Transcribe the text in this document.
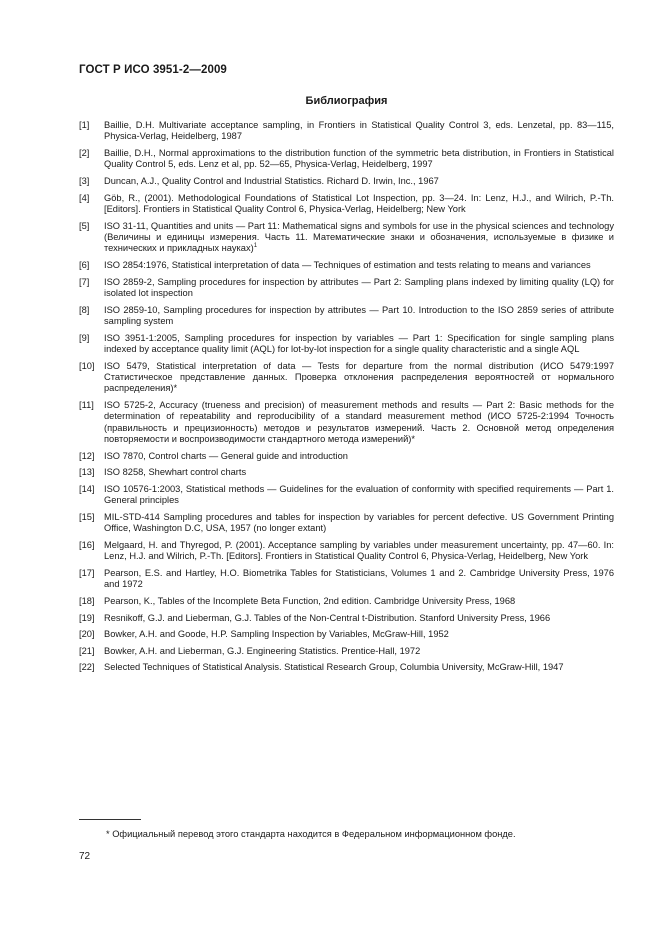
ГОСТ Р ИСО 3951-2—2009
Библиография
[1]	Baillie, D.H. Multivariate acceptance sampling, in Frontiers in Statistical Quality Control 3, eds. Lenzetal, pp. 83—115, Physica-Verlag, Heidelberg, 1987
[2]	Baillie, D.H., Normal approximations to the distribution function of the symmetric beta distribution, in Frontiers in Statistical Quality Control 5, eds. Lenz et al, pp. 52—65, Physica-Verlag, Heidelberg, 1997
[3]	Duncan, A.J., Quality Control and Industrial Statistics. Richard D. Irwin, Inc., 1967
[4]	Göb, R., (2001). Methodological Foundations of Statistical Lot Inspection, pp. 3—24. In: Lenz, H.J., and Wilrich, P.-Th. [Editors]. Frontiers in Statistical Quality Control 6, Physica-Verlag, Heidelberg; New York
[5]	ISO 31-11, Quantities and units — Part 11: Mathematical signs and symbols for use in the physical sciences and technology (Величины и единицы измерения. Часть 11. Математические знаки и обозначения, используемые в физике и технических и прикладных науках)$^1$
[6]	ISO 2854:1976, Statistical interpretation of data — Techniques of estimation and tests relating to means and variances
[7]	ISO 2859-2, Sampling procedures for inspection by attributes — Part 2: Sampling plans indexed by limiting quality (LQ) for isolated lot inspection
[8]	ISO 2859-10, Sampling procedures for inspection by attributes — Part 10. Introduction to the ISO 2859 series of attribute sampling system
[9]	ISO 3951-1:2005, Sampling procedures for inspection by variables — Part 1: Specification for single sampling plans indexed by acceptance quality limit (AQL) for lot-by-lot inspection for a single quality characteristic and a single AQL
[10]	ISO 5479, Statistical interpretation of data — Tests for departure from the normal distribution (ИСО 5479:1997 Статистическое представление данных. Проверка отклонения распределения вероятностей от нормального распределения)*
[11]	ISO 5725-2, Accuracy (trueness and precision) of measurement methods and results — Part 2: Basic methods for the determination of repeatability and reproducibility of a standard measurement method (ИСО 5725-2:1994 Точность (правильность и прецизионность) методов и результатов измерений. Часть 2. Основной метод определения повторяемости и воспроизводимости стандартного метода измерений)*
[12]	ISO 7870, Control charts — General guide and introduction
[13]	ISO 8258, Shewhart control charts
[14]	ISO 10576-1:2003, Statistical methods — Guidelines for the evaluation of conformity with specified requirements — Part 1. General principles
[15]	MIL-STD-414 Sampling procedures and tables for inspection by variables for percent defective. US Government Printing Office, Washington D.C, USA, 1957 (no longer extant)
[16]	Melgaard, H. and Thyregod, P. (2001). Acceptance sampling by variables under measurement uncertainty, pp. 47—60. In: Lenz, H.J. and Wilrich, P.-Th. [Editors]. Frontiers in Statistical Quality Control 6, Physica-Verlag, Heidelberg, New York
[17]	Pearson, E.S. and Hartley, H.O. Biometrika Tables for Statisticians, Volumes 1 and 2. Cambridge University Press, 1976 and 1972
[18]	Pearson, K., Tables of the Incomplete Beta Function, 2nd edition. Cambridge University Press, 1968
[19]	Resnikoff, G.J. and Lieberman, G.J. Tables of the Non-Central t-Distribution. Stanford University Press, 1966
[20]	Bowker, A.H. and Goode, H.P. Sampling Inspection by Variables, McGraw-Hill, 1952
[21]	Bowker, A.H. and Lieberman, G.J. Engineering Statistics. Prentice-Hall, 1972
[22]	Selected Techniques of Statistical Analysis. Statistical Research Group, Columbia University, McGraw-Hill, 1947
* Официальный перевод этого стандарта находится в Федеральном информационном фонде.
72
